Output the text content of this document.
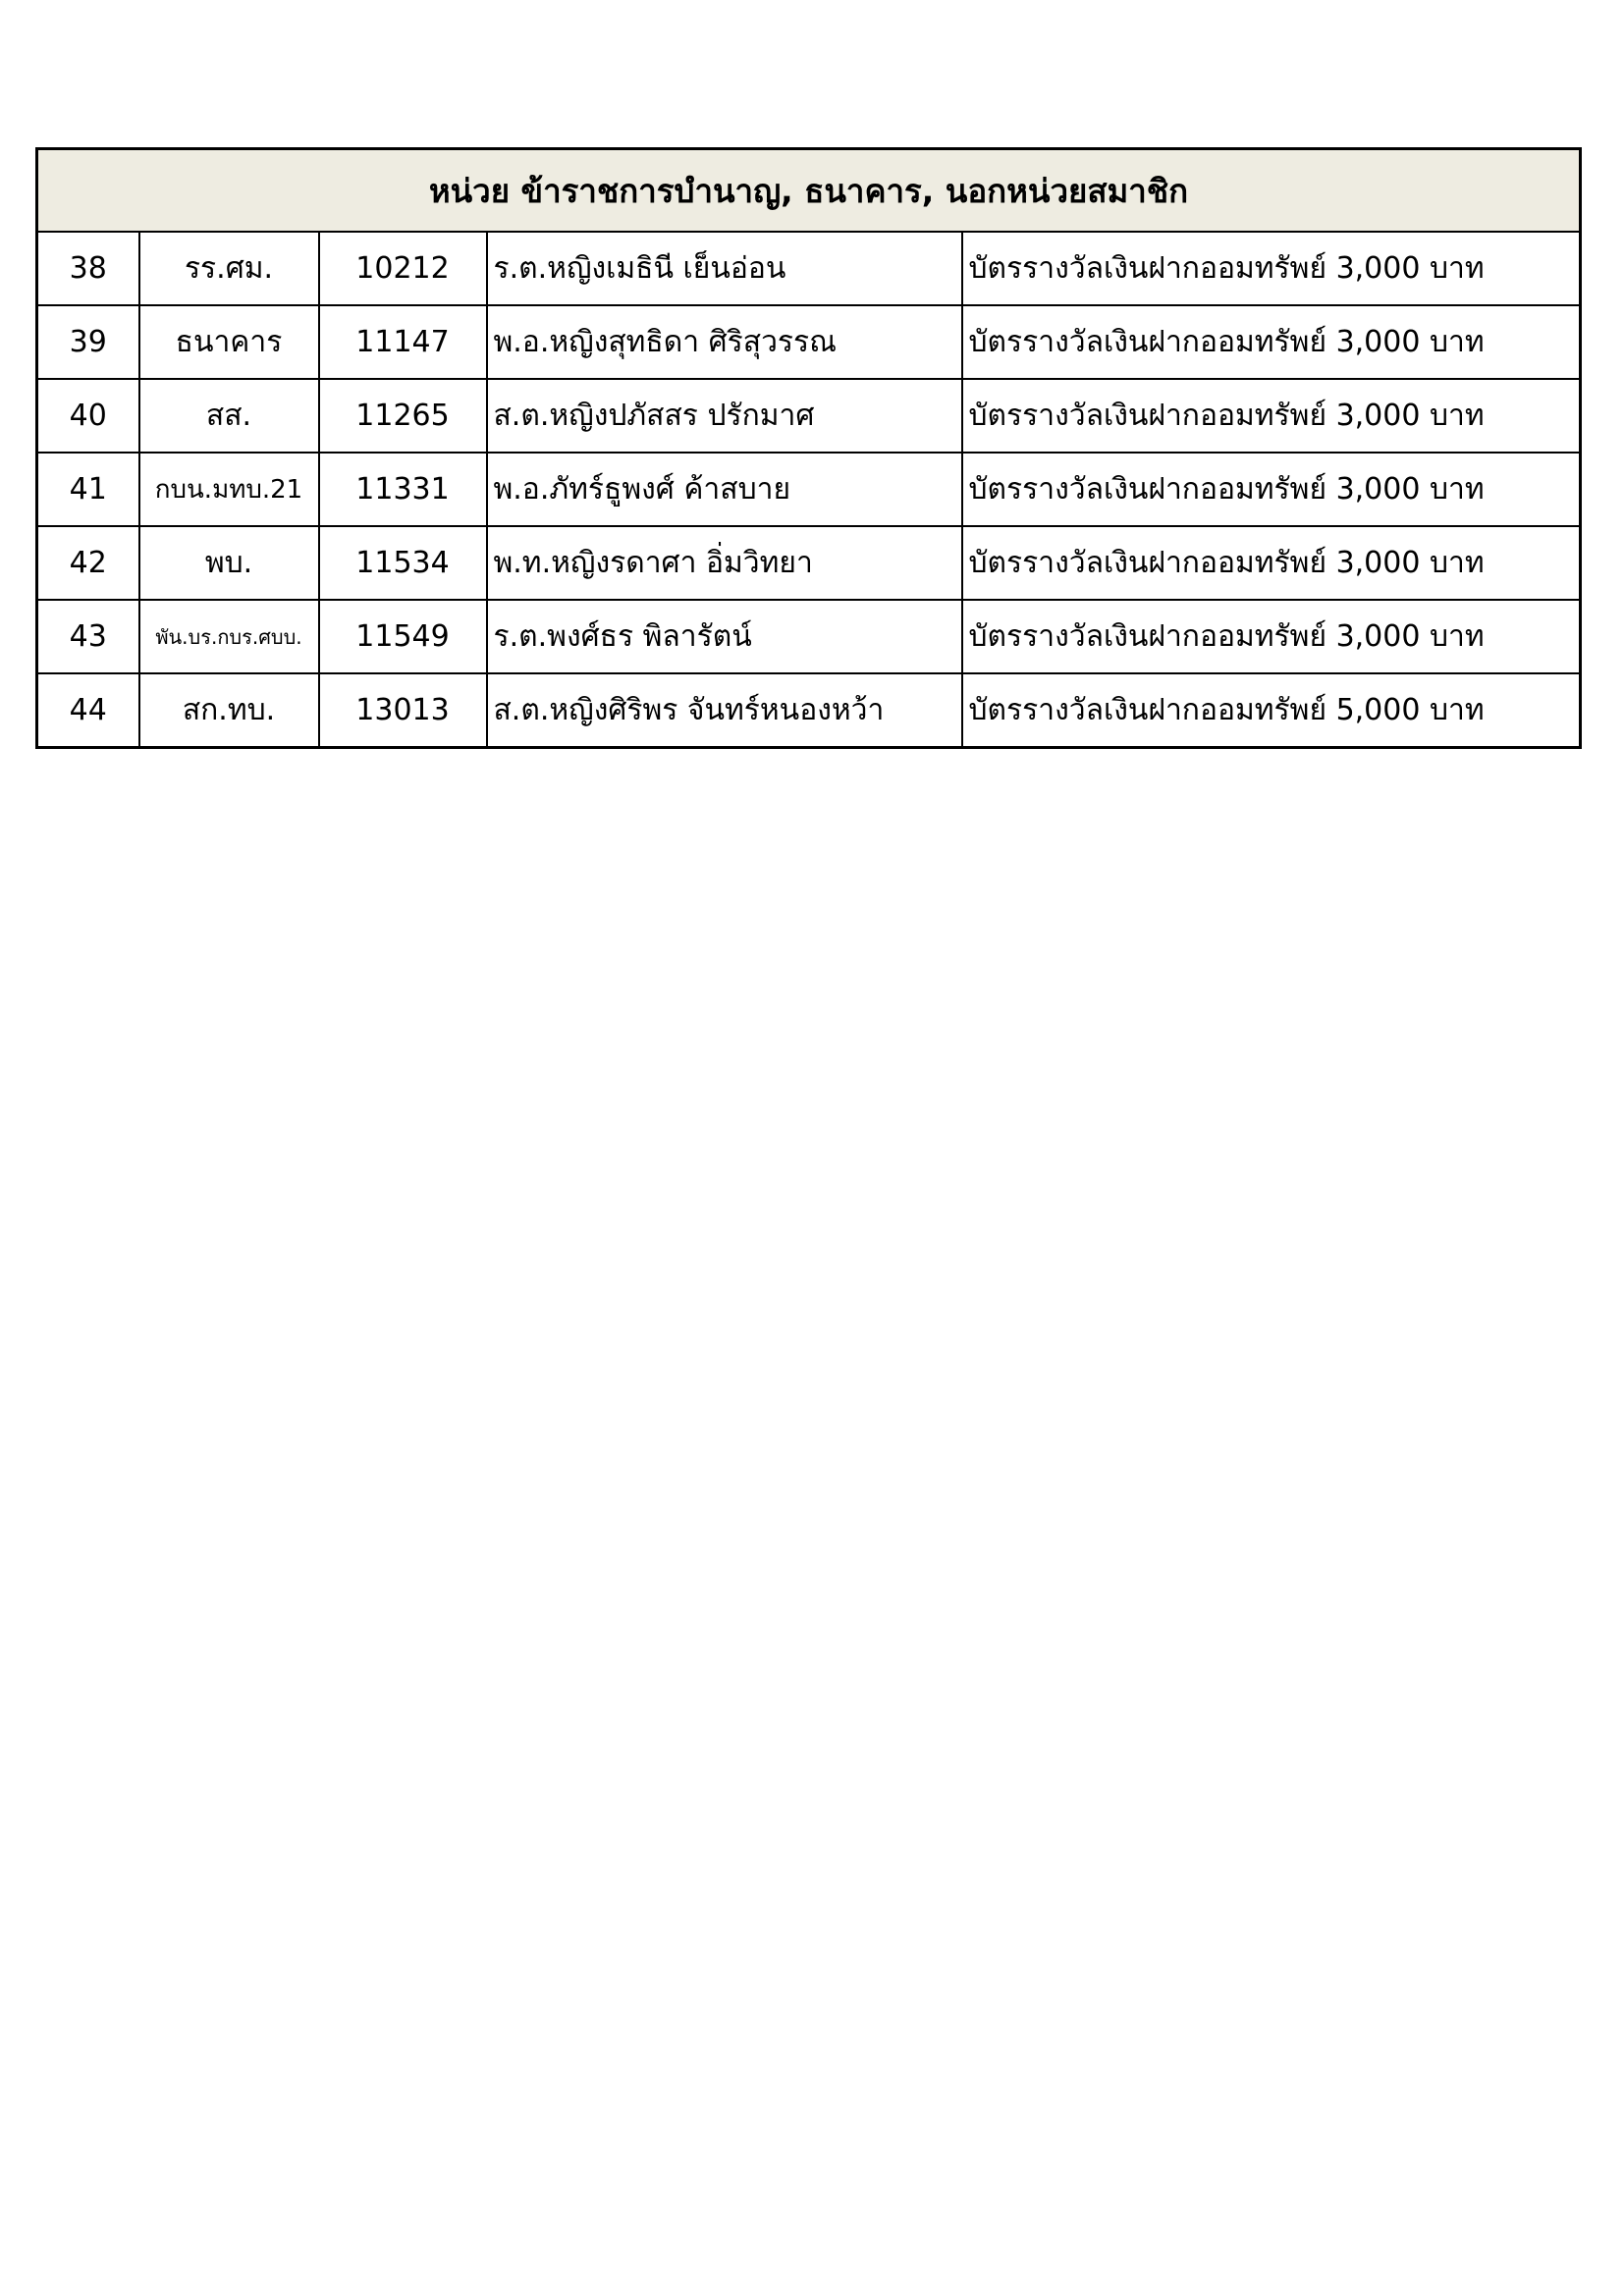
หน่วย ข้าราชการบำนาญ, ธนาคาร, นอกหน่วยสมาชิก				
38	รร.ศม.	10212	ร.ต.หญิงเมธินี เย็นอ่อน	บัตรรางวัลเงินฝากออมทรัพย์ 3,000 บาท
39	ธนาคาร	11147	พ.อ.หญิงสุทธิดา ศิริสุวรรณ	บัตรรางวัลเงินฝากออมทรัพย์ 3,000 บาท
40	สส.	11265	ส.ต.หญิงปภัสสร ปรักมาศ	บัตรรางวัลเงินฝากออมทรัพย์ 3,000 บาท
41	กบน.มทบ.21	11331	พ.อ.ภัทร์ธูพงศ์ ค้าสบาย	บัตรรางวัลเงินฝากออมทรัพย์ 3,000 บาท
42	พบ.	11534	พ.ท.หญิงรดาศา อิ่มวิทยา	บัตรรางวัลเงินฝากออมทรัพย์ 3,000 บาท
43	พัน.บร.กบร.ศบบ.	11549	ร.ต.พงศ์ธร พิลารัตน์	บัตรรางวัลเงินฝากออมทรัพย์ 3,000 บาท
44	สก.ทบ.	13013	ส.ต.หญิงศิริพร จันทร์หนองหว้า	บัตรรางวัลเงินฝากออมทรัพย์ 5,000 บาท
